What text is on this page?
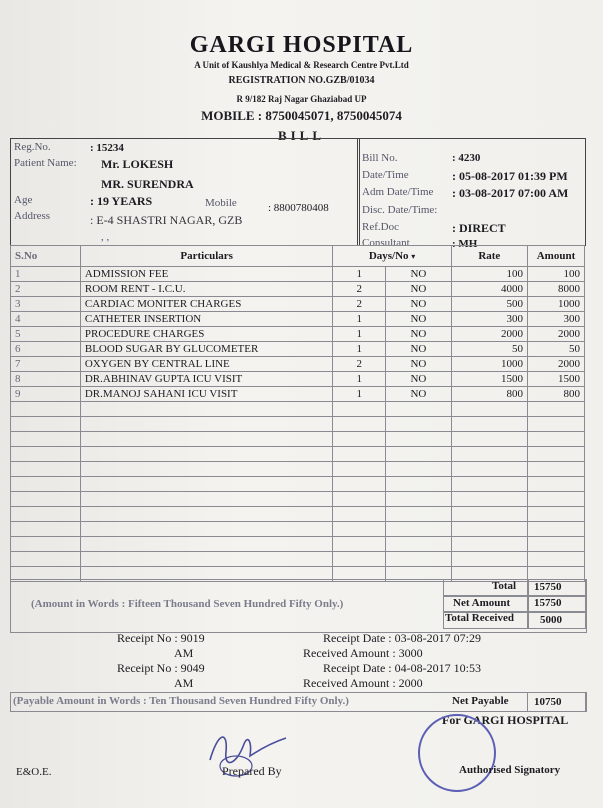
GARGI HOSPITAL
A Unit of Kaushlya Medical & Research Centre Pvt.Ltd
REGISTRATION NO.GZB/01034
R 9/182 Raj Nagar Ghaziabad UP
MOBILE : 8750045071, 8750045074
BILL
Reg.No.	: 15234
Patient Name: Mr. LOKESH
MR. SURENDRA
Age	: 19 YEARS	Mobile	: 8800780408
Address	: E-4 SHASTRI NAGAR, GZB
, ,
Bill No.	: 4230
Date/Time	: 05-08-2017 01:39 PM
Adm Date/Time : 03-08-2017 07:00 AM
Disc. Date/Time:
Ref.Doc	: DIRECT
Consultant	: MH
S.No	Particulars	Days/No ▾		Rate	Amount
1	ADMISSION FEE	1	NO	100	100
2	ROOM RENT - I.C.U.	2	NO	4000	8000
3	CARDIAC MONITER CHARGES	2	NO	500	1000
4	CATHETER INSERTION	1	NO	300	300
5	PROCEDURE CHARGES	1	NO	2000	2000
6	BLOOD SUGAR BY GLUCOMETER	1	NO	50	50
7	OXYGEN BY CENTRAL LINE	2	NO	1000	2000
8	DR.ABHINAV GUPTA ICU VISIT	1	NO	1500	1500
9	DR.MANOJ SAHANI ICU VISIT	1	NO	800	800

Total 15750
(Amount in Words : Fifteen Thousand Seven Hundred Fifty Only.)	Net Amount 15750
Total Received 5000
Receipt No : 9019
AM
Receipt Date : 03-08-2017 07:29
Received Amount : 3000
Receipt No : 9049
AM
Receipt Date : 04-08-2017 10:53
Received Amount : 2000
(Payable Amount in Words : Ten Thousand Seven Hundred Fifty Only.)	Net Payable 10750
For GARGI HOSPITAL
E&O.E.	Prepared By	Authorised Signatory
